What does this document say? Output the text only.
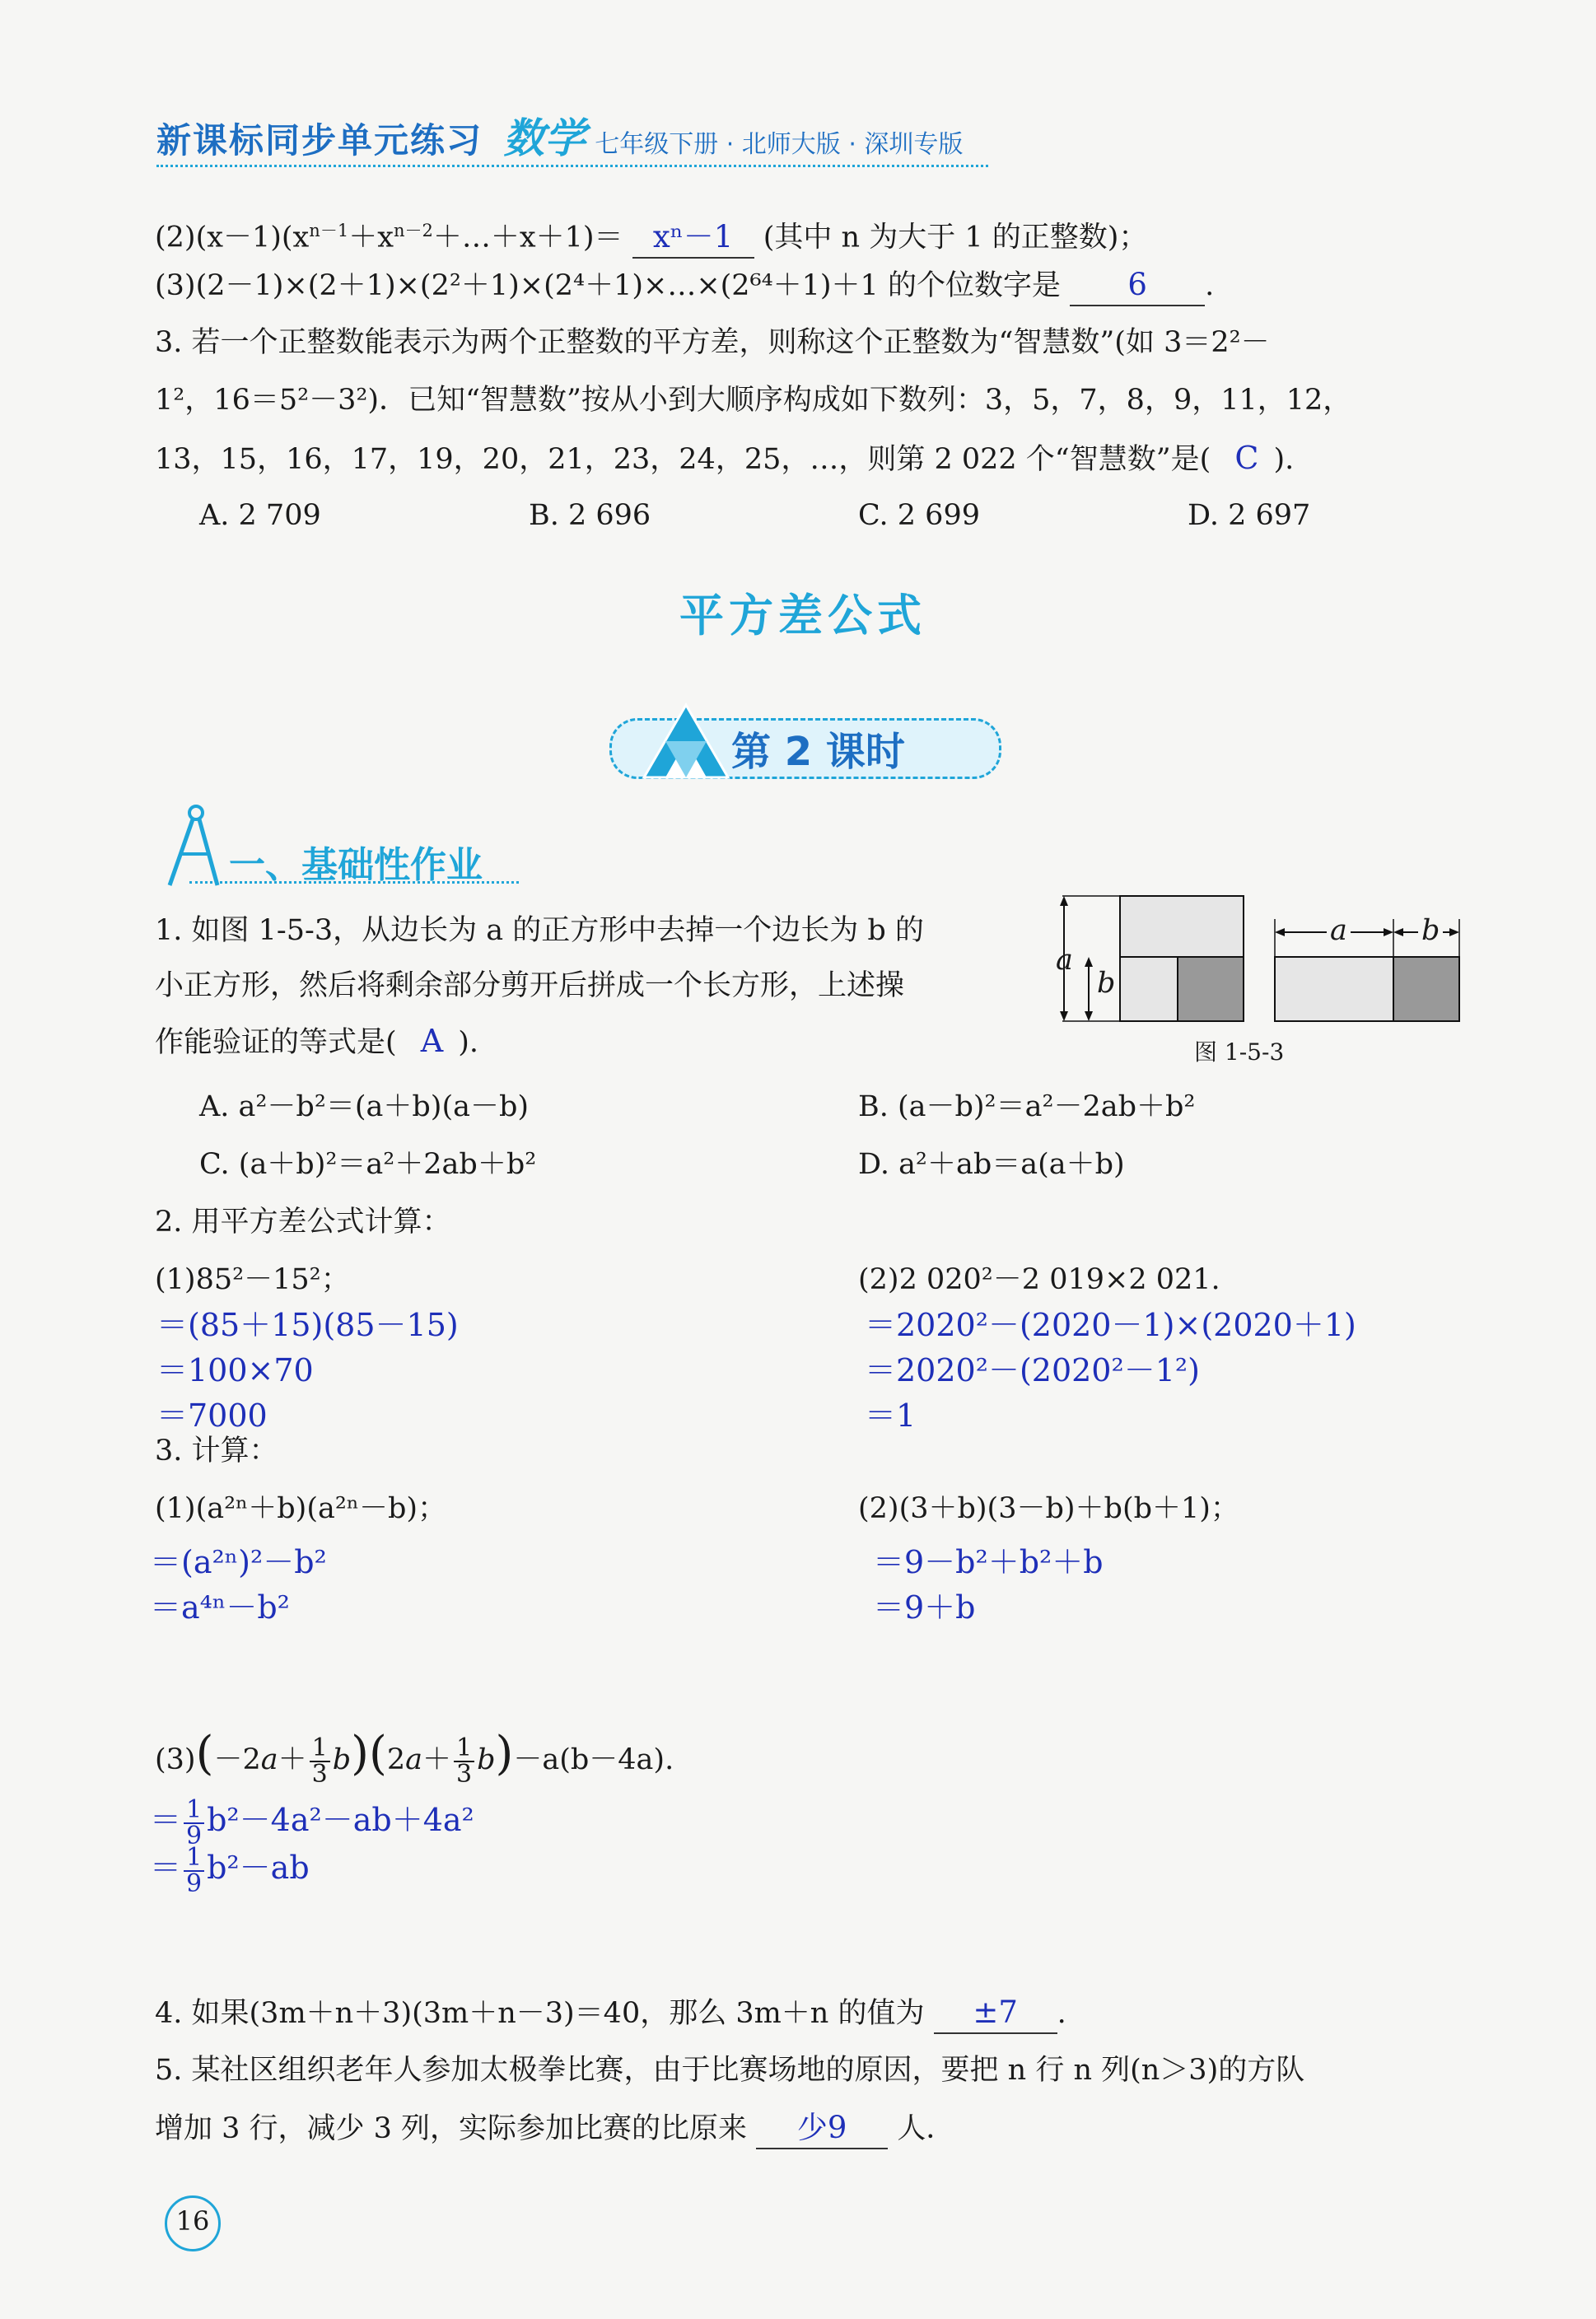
新课标同步单元练习 数学 七年级下册 · 北师大版 · 深圳专版
$(2)(x-1)(x^{n-1}+x^{n-2}+\dots+x+1)= x^n-1$ (其中 n 为大于 1 的正整数)；
(3)(2－1)×(2＋1)×(2²＋1)×(2⁴＋1)×…×(2⁶⁴＋1)＋1 的个位数字是 6 .
3. 若一个正整数能表示为两个正整数的平方差，则称这个正整数为“智慧数”(如 3＝2²－
1²，16＝5²－3²)．已知“智慧数”按从小到大顺序构成如下数列：3，5，7，8，9，11，12，
13，15，16，17，19，20，21，23，24，25，…，则第 2 022 个“智慧数”是( C ).
A. 2 709	B. 2 696	C. 2 699	D. 2 697
平方差公式
第 2 课时
一、基础性作业
1. 如图 1-5-3，从边长为 a 的正方形中去掉一个边长为 b 的
小正方形，然后将剩余部分剪开后拼成一个长方形，上述操
作能验证的等式是( A ).
a
b
a	b
图 1-5-3
A. a²－b²＝(a＋b)(a－b)	B. (a－b)²＝a²－2ab＋b²
C. (a＋b)²＝a²＋2ab＋b²	D. a²＋ab＝a(a＋b)
2. 用平方差公式计算：
(1)85²－15²；
＝(85＋15)(85－15)
＝100×70
＝7000
(2)2 020²－2 019×2 021.
＝2020²－(2020－1)×(2020＋1)
＝2020²－(2020²－1²)
＝1
3. 计算：
(1)(a²ⁿ＋b)(a²ⁿ－b)；
＝(a²ⁿ)²－b²
＝a⁴ⁿ－b²
(2)(3＋b)(3－b)＋b(b＋1)；
＝9－b²＋b²＋b
＝9＋b
$(3)(-2a+ \frac{1}{3} b)(2a+ \frac{1}{3} b)-a(b-4a)$.
＝ $\frac{1}{9} b^2-4a^2-ab+4a^2$
＝ $\frac{1}{9} b^2-ab$
4. 如果(3m＋n＋3)(3m＋n－3)＝40，那么 3m＋n 的值为 ±7 .
5. 某社区组织老年人参加太极拳比赛，由于比赛场地的原因，要把 n 行 n 列(n＞3)的方队
增加 3 行，减少 3 列，实际参加比赛的比原来 少9 人．
16
